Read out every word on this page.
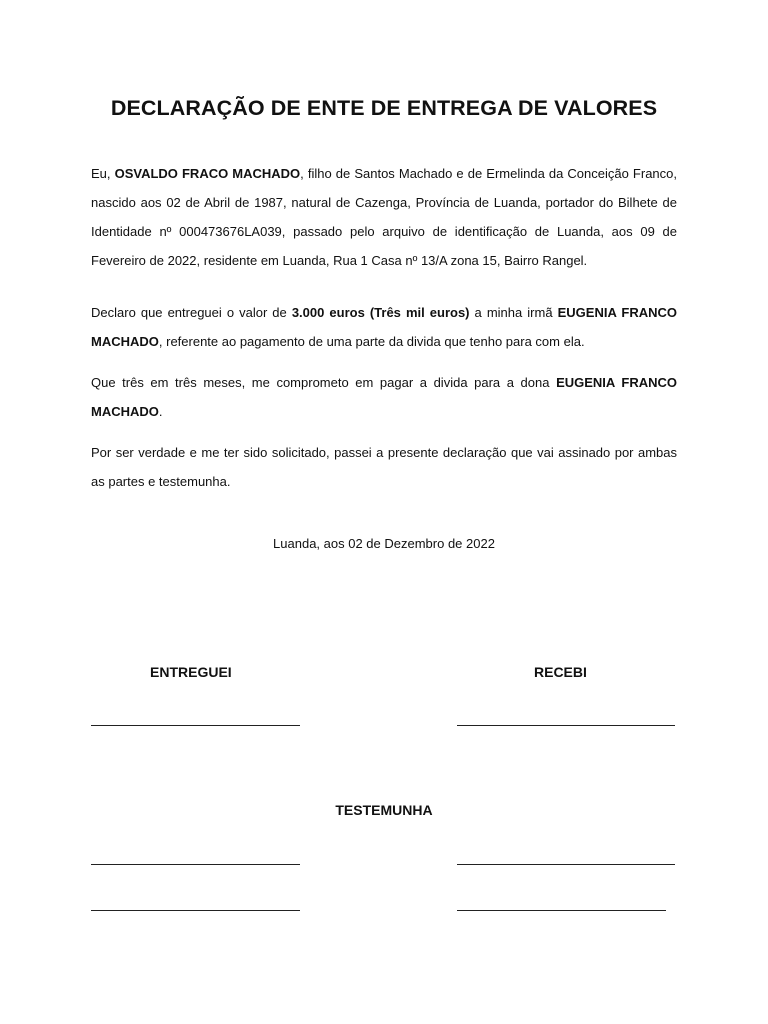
DECLARAÇÃO DE ENTE DE ENTREGA DE VALORES

Eu, OSVALDO FRACO MACHADO, filho de Santos Machado e de Ermelinda da Conceição Franco, nascido aos 02 de Abril de 1987, natural de Cazenga, Província de Luanda, portador do Bilhete de Identidade nº 000473676LA039, passado pelo arquivo de identificação de Luanda, aos 09 de Fevereiro de 2022, residente em Luanda, Rua 1 Casa nº 13/A zona 15, Bairro Rangel.

Declaro que entreguei o valor de 3.000 euros (Três mil euros) a minha irmã EUGENIA FRANCO MACHADO, referente ao pagamento de uma parte da divida que tenho para com ela.

Que três em três meses, me comprometo em pagar a divida para a dona EUGENIA FRANCO MACHADO.

Por ser verdade e me ter sido solicitado, passei a presente declaração que vai assinado por ambas as partes e testemunha.

Luanda, aos 02 de Dezembro de 2022
ENTREGUEI	RECEBI
TESTEMUNHA
